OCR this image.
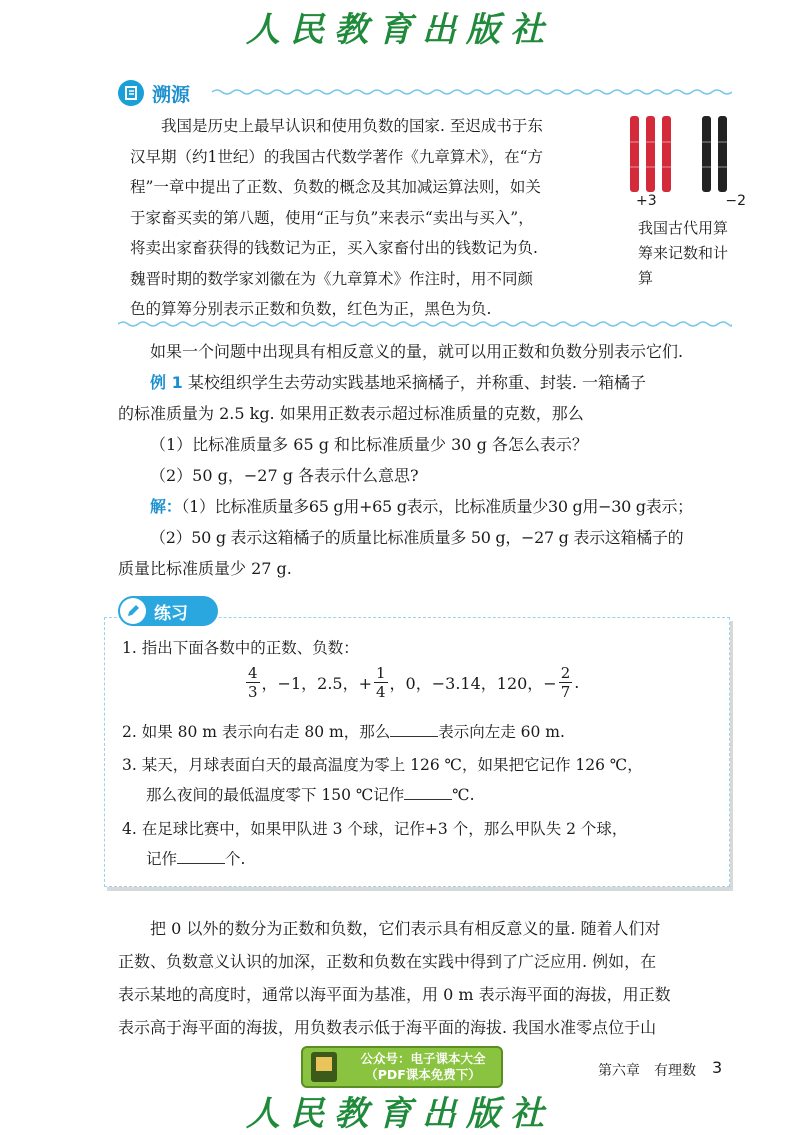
人民教育出版社
溯源
我国是历史上最早认识和使用负数的国家. 至迟成书于东
汉早期（约1世纪）的我国古代数学著作《九章算术》，在“方
程”一章中提出了正数、负数的概念及其加减运算法则，如关
于家畜买卖的第八题，使用“正与负”来表示“卖出与买入”，
将卖出家畜获得的钱数记为正，买入家畜付出的钱数记为负.
魏晋时期的数学家刘徽在为《九章算术》作注时，用不同颜
色的算筹分别表示正数和负数，红色为正，黑色为负.
+3	−2
我国古代用算筹来记数和计算
如果一个问题中出现具有相反意义的量，就可以用正数和负数分别表示它们.
例 1 某校组织学生去劳动实践基地采摘橘子，并称重、封装. 一箱橘子
的标准质量为 2.5 kg. 如果用正数表示超过标准质量的克数，那么
（1）比标准质量多 65 g 和比标准质量少 30 g 各怎么表示？
（2）50 g，−27 g 各表示什么意思?
解：（1）比标准质量多65 g用+65 g表示，比标准质量少30 g用−30 g表示；
（2）50 g 表示这箱橘子的质量比标准质量多 50 g，−27 g 表示这箱橘子的
质量比标准质量少 27 g.
练习
1. 指出下面各数中的正数、负数：
$\frac{4}{3}$ ，−1，2.5，+ $\frac{1}{4}$ ，0，−3.14，120，− $\frac{2}{7}$ .
2. 如果 80 m 表示向右走 80 m，那么	表示向左走 60 m.
3. 某天，月球表面白天的最高温度为零上 126 ℃，如果把它记作 126 ℃，
那么夜间的最低温度零下 150 ℃记作	℃.
4. 在足球比赛中，如果甲队进 3 个球，记作+3 个，那么甲队失 2 个球，
记作	个.
把 0 以外的数分为正数和负数，它们表示具有相反意义的量. 随着人们对
正数、负数意义认识的加深，正数和负数在实践中得到了广泛应用. 例如，在
表示某地的高度时，通常以海平面为基准，用 0 m 表示海平面的海拔，用正数
表示高于海平面的海拔，用负数表示低于海平面的海拔. 我国水准零点位于山
公众号：电子课本大全
（PDF课本免费下）	第六章　有理数 3
人民教育出版社
